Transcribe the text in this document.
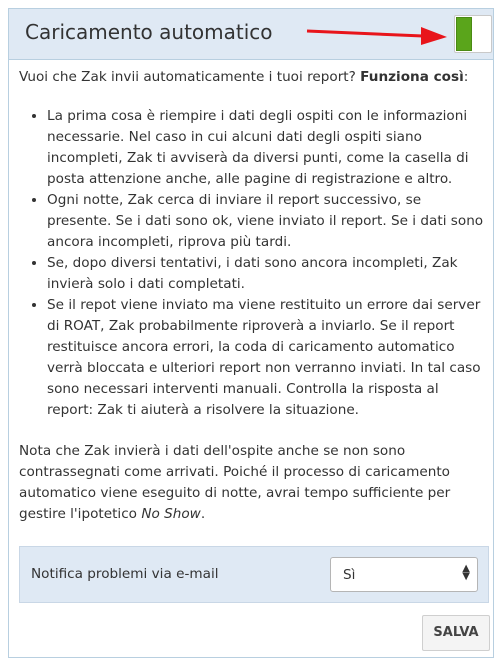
Caricamento automatico

Vuoi che Zak invii automaticamente i tuoi report? Funziona così:

• La prima cosa è riempire i dati degli ospiti con le informazioni necessarie. Nel caso in cui alcuni dati degli ospiti siano incompleti, Zak ti avviserà da diversi punti, come la casella di posta attenzione anche, alle pagine di registrazione e altro.
• Ogni notte, Zak cerca di inviare il report successivo, se presente. Se i dati sono ok, viene inviato il report. Se i dati sono ancora incompleti, riprova più tardi.
• Se, dopo diversi tentativi, i dati sono ancora incompleti, Zak invierà solo i dati completati.
• Se il repot viene inviato ma viene restituito un errore dai server di ROAT, Zak probabilmente riproverà a inviarlo. Se il report restituisce ancora errori, la coda di caricamento automatico verrà bloccata e ulteriori report non verranno inviati. In tal caso sono necessari interventi manuali. Controlla la risposta al report: Zak ti aiuterà a risolvere la situazione.

Nota che Zak invierà i dati dell'ospite anche se non sono contrassegnati come arrivati. Poiché il processo di caricamento automatico viene eseguito di notte, avrai tempo sufficiente per gestire l'ipotetico No Show.

Notifica problemi via e-mail	Sì	▲
▼
SALVA
